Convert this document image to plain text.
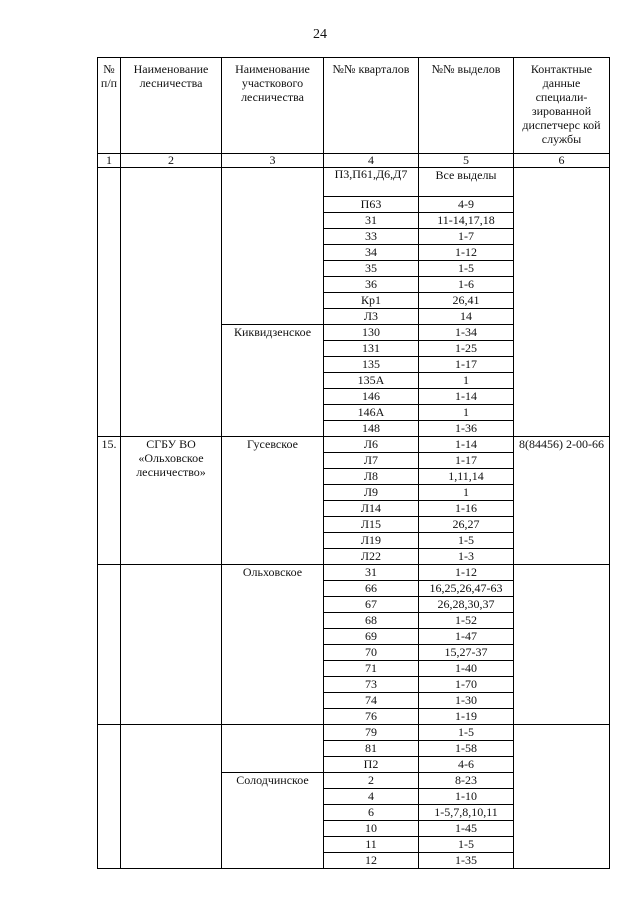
24
№ п/п	Наименование лесничества	Наименование участкового лесничества	№№ кварталов	№№ выделов	Контактные данные специали-зированной диспетчерс кой службы
1	2	3	4	5	6
			П3,П61,Д6,Д7	Все выделы	
			П63	4-9	
			31	11-14,17,18	
			33	1-7	
			34	1-12	
			35	1-5	
			36	1-6	
			Кр1	26,41	
			Л3	14	
		Киквидзенское	130	1-34	
			131	1-25	
			135	1-17	
			135А	1	
			146	1-14	
			146А	1	
			148	1-36	
15.	СГБУ ВО «Ольховское лесничество»	Гусевское	Л6	1-14	8(84456) 2-00-66
			Л7	1-17	
			Л8	1,11,14	
			Л9	1	
			Л14	1-16	
			Л15	26,27	
			Л19	1-5	
			Л22	1-3	
		Ольховское	31	1-12	
			66	16,25,26,47-63	
			67	26,28,30,37	
			68	1-52	
			69	1-47	
			70	15,27-37	
			71	1-40	
			73	1-70	
			74	1-30	
			76	1-19	
			79	1-5	
			81	1-58	
			П2	4-6	
		Солодчинское	2	8-23	
			4	1-10	
			6	1-5,7,8,10,11	
			10	1-45	
			11	1-5	
			12	1-35	
